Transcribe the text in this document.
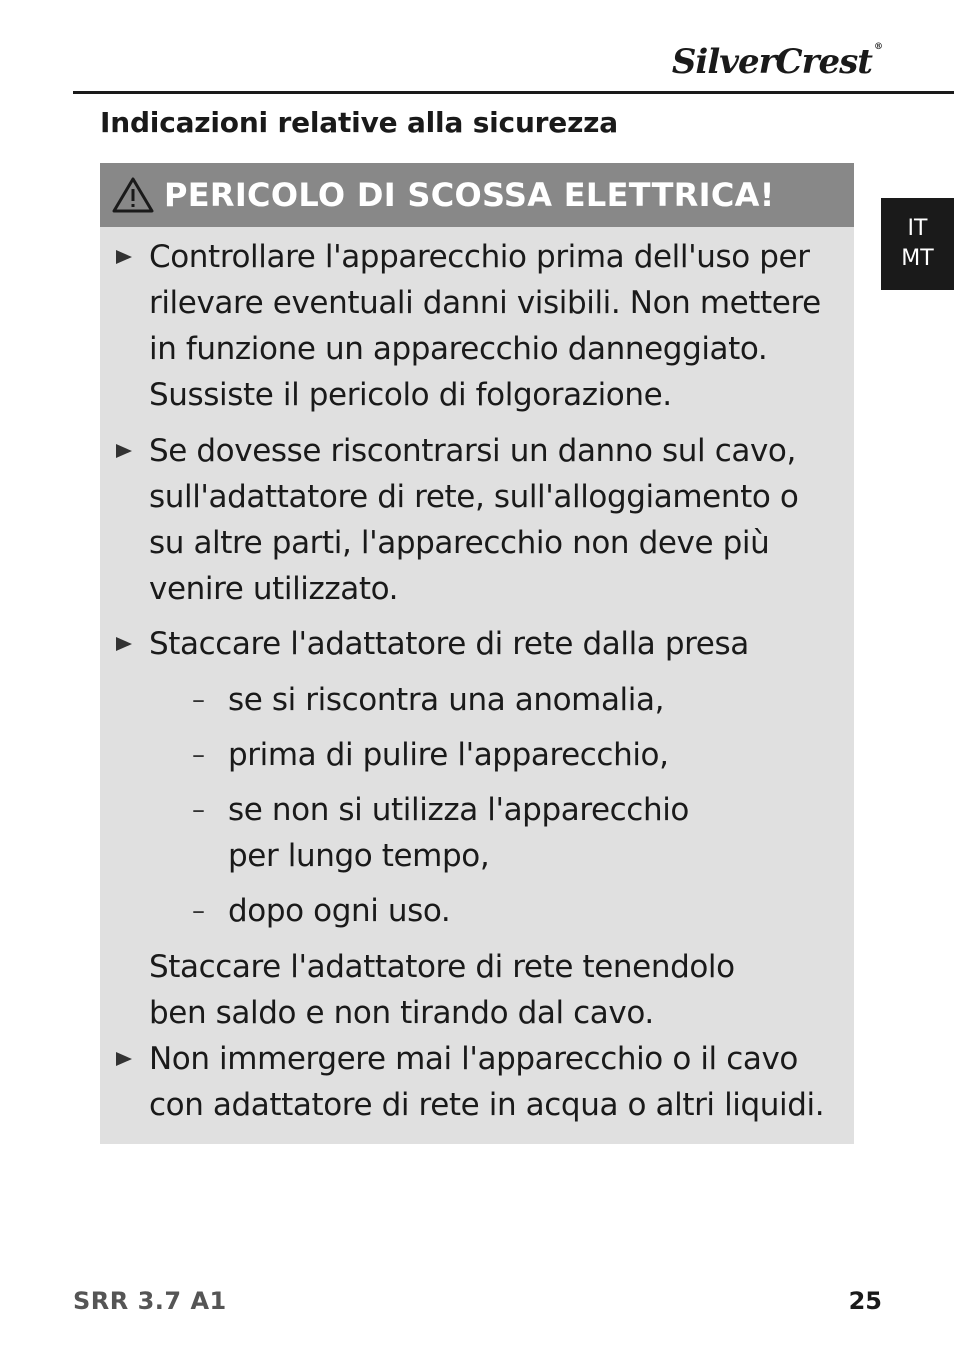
SilverCrest ®
Indicazioni relative alla sicurezza
IT
MT
PERICOLO DI SCOSSA ELETTRICA!
Controllare l'apparecchio prima dell'uso per rilevare eventuali danni visibili. Non mettere in funzione un apparecchio danneggiato. Sussiste il pericolo di folgorazione.
Se dovesse riscontrarsi un danno sul cavo, sull'adattatore di rete, sull'alloggiamento o su altre parti, l'apparecchio non deve più venire utilizzato.
Staccare l'adattatore di rete dalla presa
– se si riscontra una anomalia,
– prima di pulire l'apparecchio,
– se non si utilizza l'apparecchio per lungo tempo,
– dopo ogni uso.
Staccare l'adattatore di rete tenendolo ben saldo e non tirando dal cavo.
Non immergere mai l'apparecchio o il cavo con adattatore di rete in acqua o altri liquidi.
SRR 3.7 A1	25
